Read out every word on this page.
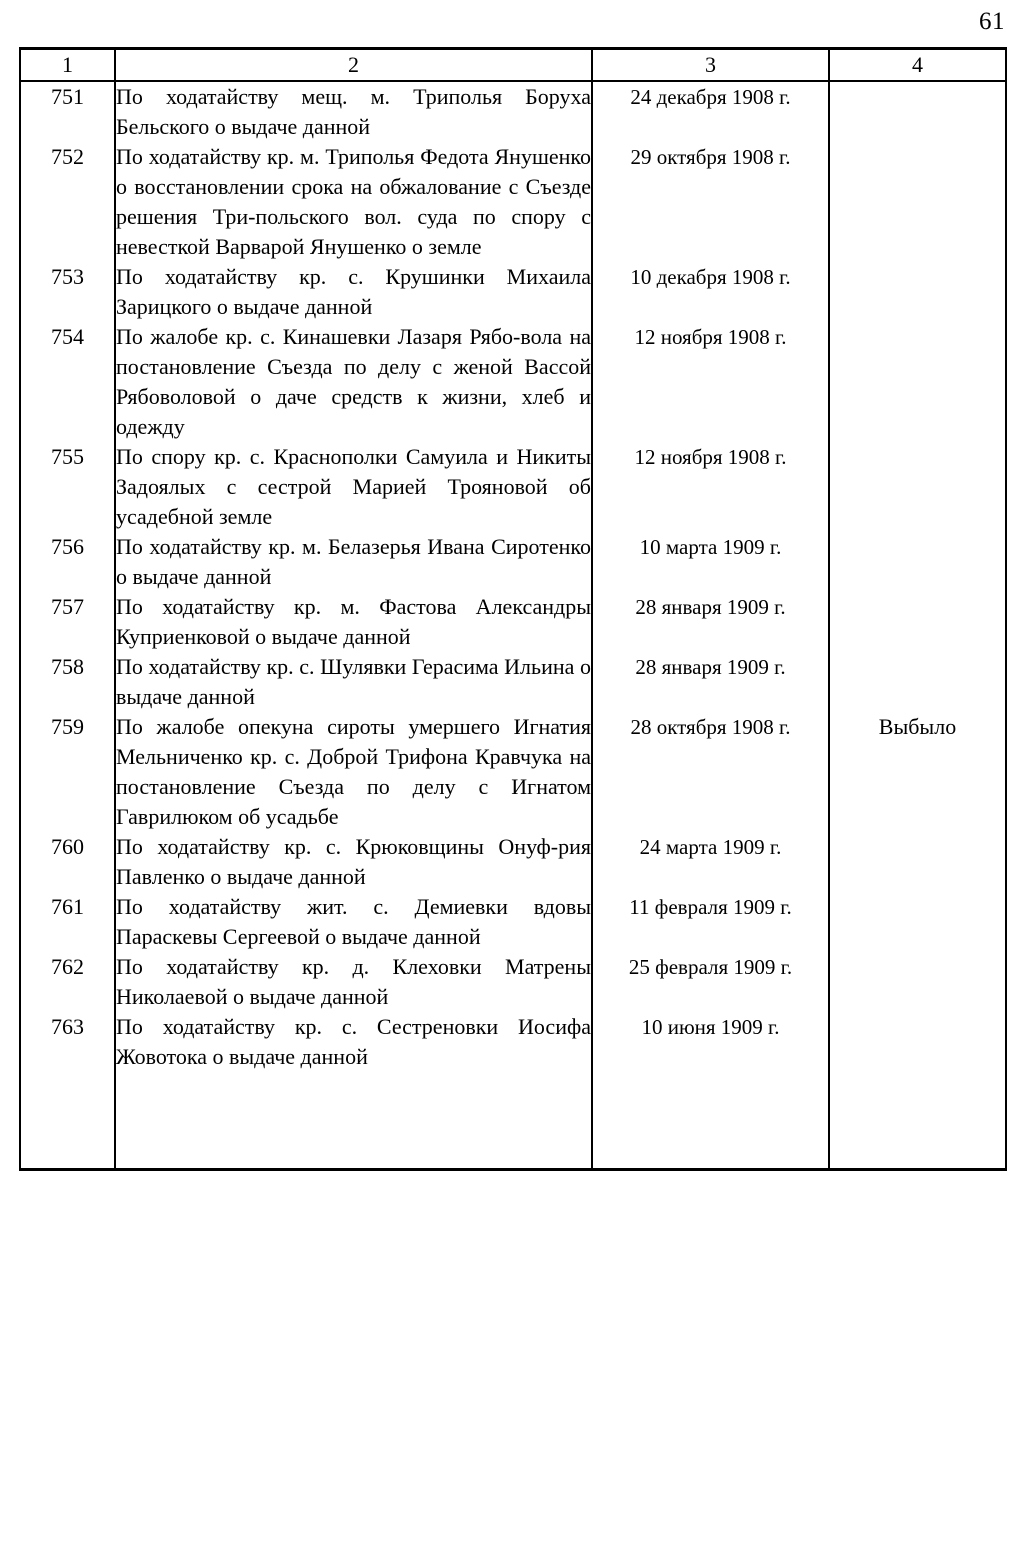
61
1	2	3	4
751	По ходатайству мещ. м. Триполья Боруха Бельского о выдаче данной	24 декабря 1908 г.	
752	По ходатайству кр. м. Триполья Федота Янушенко о восстановлении срока на обжалование с Съезде решения Три-польского вол. суда по спору с невесткой Варварой Янушенко о земле	29 октября 1908 г.	
753	По ходатайству кр. с. Крушинки Михаила Зарицкого о выдаче данной	10 декабря 1908 г.	
754	По жалобе кр. с. Кинашевки Лазаря Рябо-вола на постановление Съезда по делу с женой Вассой Рябоволовой о даче средств к жизни, хлеб и одежду	12 ноября 1908 г.	
755	По спору кр. с. Краснополки Самуила и Никиты Задоялых с сестрой Марией Трояновой об усадебной земле	12 ноября 1908 г.	
756	По ходатайству кр. м. Белазерья Ивана Сиротенко о выдаче данной	10 марта 1909 г.	
757	По ходатайству кр. м. Фастова Александры Куприенковой о выдаче данной	28 января 1909 г.	
758	По ходатайству кр. с. Шулявки Герасима Ильина о выдаче данной	28 января 1909 г.	
759	По жалобе опекуна сироты умершего Игнатия Мельниченко кр. с. Доброй Трифона Кравчука на постановление Съезда по делу с Игнатом Гаврилюком об усадьбе	28 октября 1908 г.	Выбыло
760	По ходатайству кр. с. Крюковщины Онуф-рия Павленко о выдаче данной	24 марта 1909 г.	
761	По ходатайству жит. с. Демиевки вдовы Параскевы Сергеевой о выдаче данной	11 февраля 1909 г.	
762	По ходатайству кр. д. Клеховки Матрены Николаевой о выдаче данной	25 февраля 1909 г.	
763	По ходатайству кр. с. Сестреновки Иосифа Жовотока о выдаче данной	10 июня 1909 г.	
